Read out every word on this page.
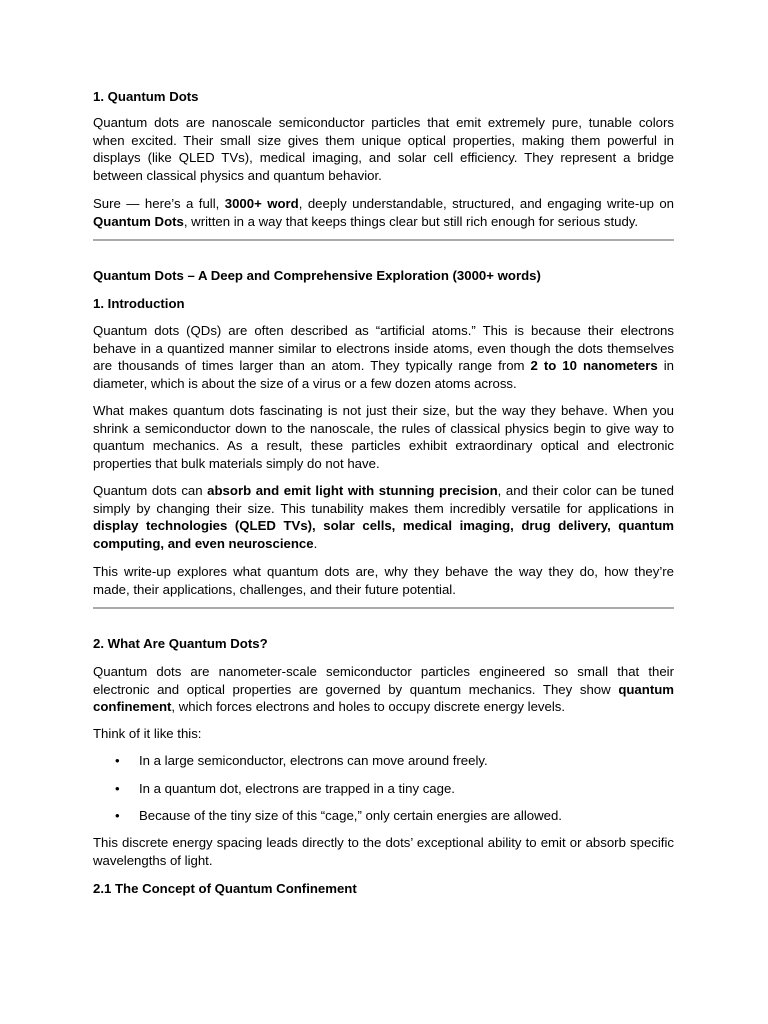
1. Quantum Dots

Quantum dots are nanoscale semiconductor particles that emit extremely pure, tunable colors when excited. Their small size gives them unique optical properties, making them powerful in displays (like QLED TVs), medical imaging, and solar cell efficiency. They represent a bridge between classical physics and quantum behavior.

Sure — here’s a full, 3000+ word, deeply understandable, structured, and engaging write-up on Quantum Dots, written in a way that keeps things clear but still rich enough for serious study.

Quantum Dots – A Deep and Comprehensive Exploration (3000+ words)

1. Introduction

Quantum dots (QDs) are often described as “artificial atoms.” This is because their electrons behave in a quantized manner similar to electrons inside atoms, even though the dots themselves are thousands of times larger than an atom. They typically range from 2 to 10 nanometers in diameter, which is about the size of a virus or a few dozen atoms across.

What makes quantum dots fascinating is not just their size, but the way they behave. When you shrink a semiconductor down to the nanoscale, the rules of classical physics begin to give way to quantum mechanics. As a result, these particles exhibit extraordinary optical and electronic properties that bulk materials simply do not have.

Quantum dots can absorb and emit light with stunning precision, and their color can be tuned simply by changing their size. This tunability makes them incredibly versatile for applications in display technologies (QLED TVs), solar cells, medical imaging, drug delivery, quantum computing, and even neuroscience.

This write-up explores what quantum dots are, why they behave the way they do, how they’re made, their applications, challenges, and their future potential.

2. What Are Quantum Dots?

Quantum dots are nanometer-scale semiconductor particles engineered so small that their electronic and optical properties are governed by quantum mechanics. They show quantum confinement, which forces electrons and holes to occupy discrete energy levels.

Think of it like this:

• In a large semiconductor, electrons can move around freely.
• In a quantum dot, electrons are trapped in a tiny cage.
• Because of the tiny size of this “cage,” only certain energies are allowed.

This discrete energy spacing leads directly to the dots’ exceptional ability to emit or absorb specific wavelengths of light.

2.1 The Concept of Quantum Confinement
